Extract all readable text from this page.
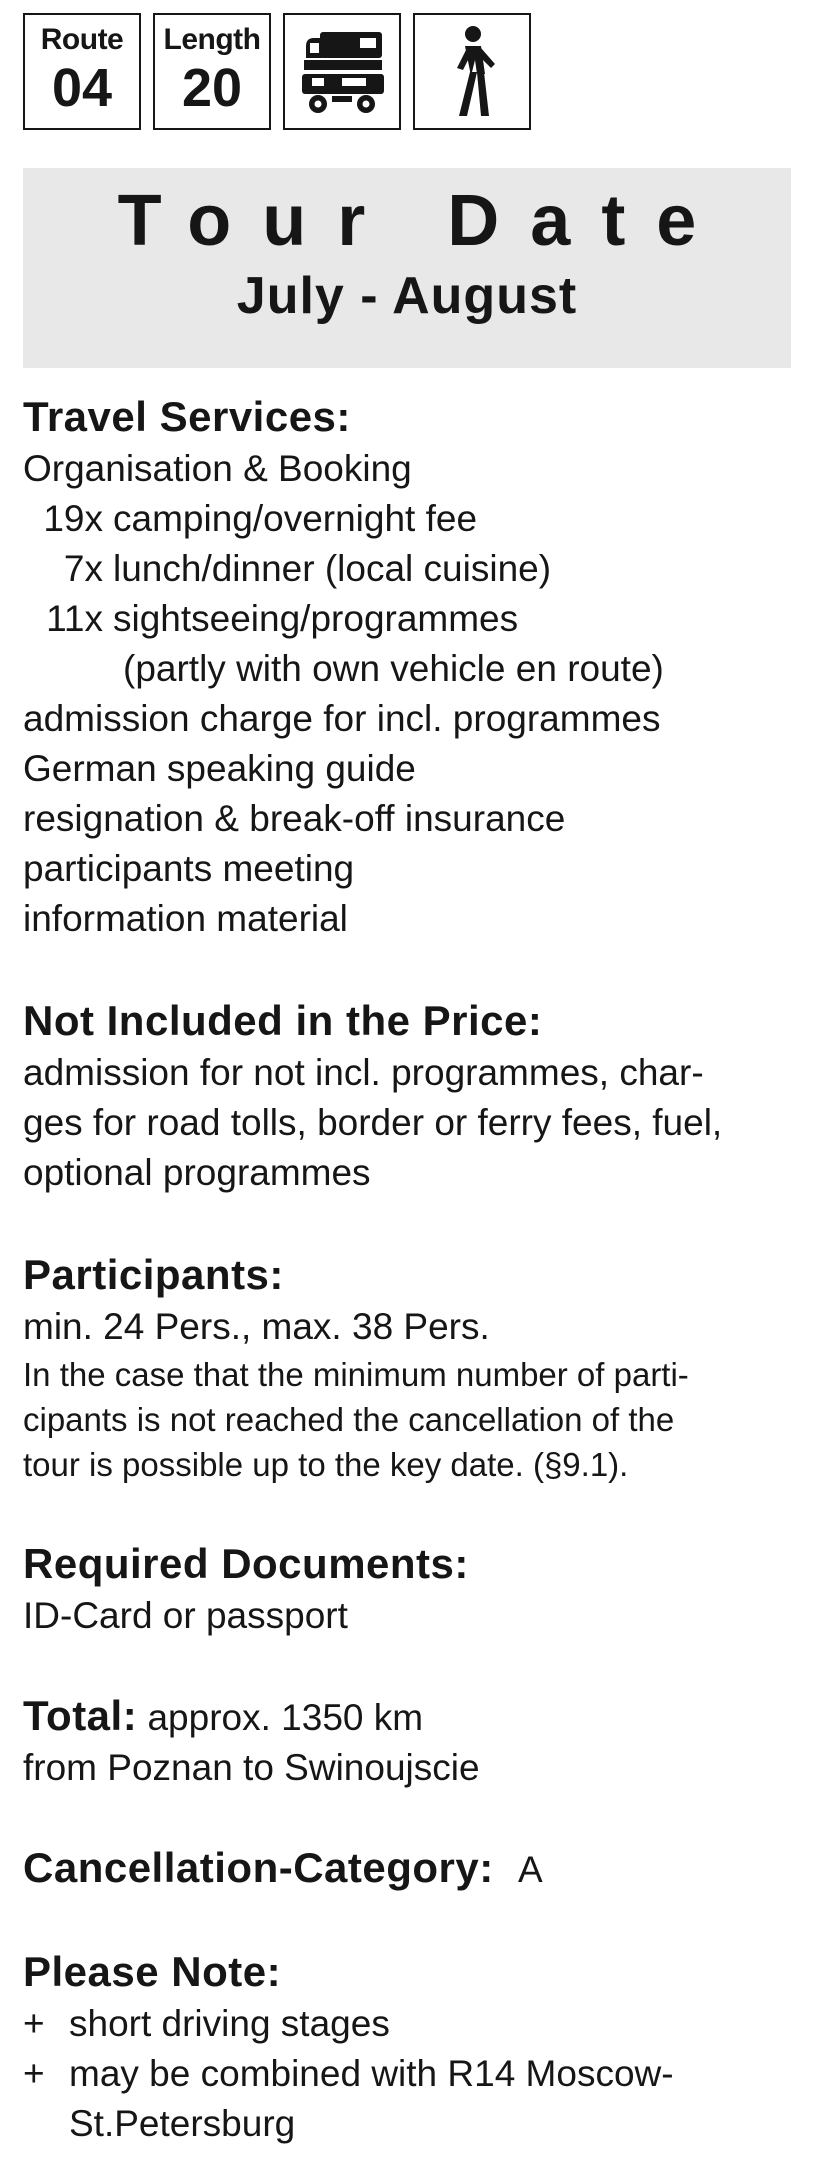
Route
04
Length
20
Tour Date
July - August
Travel Services:
Organisation & Booking
19x camping/overnight fee
7x lunch/dinner (local cuisine)
11x sightseeing/programmes
(partly with own vehicle en route)
admission charge for incl. programmes
German speaking guide
resignation & break-off insurance
participants meeting
information material
Not Included in the Price:
admission for not incl. programmes, char-
ges for road tolls, border or ferry fees, fuel,
optional programmes
Participants:
min. 24 Pers., max. 38 Pers.
In the case that the minimum number of parti-
cipants is not reached the cancellation of the
tour is possible up to the key date. (§9.1).
Required Documents:
ID-Card or passport
Total: approx. 1350 km
from Poznan to Swinoujscie
Cancellation-Category: A
Please Note:
+ short driving stages
+ may be combined with R14 Moscow-
St.Petersburg
